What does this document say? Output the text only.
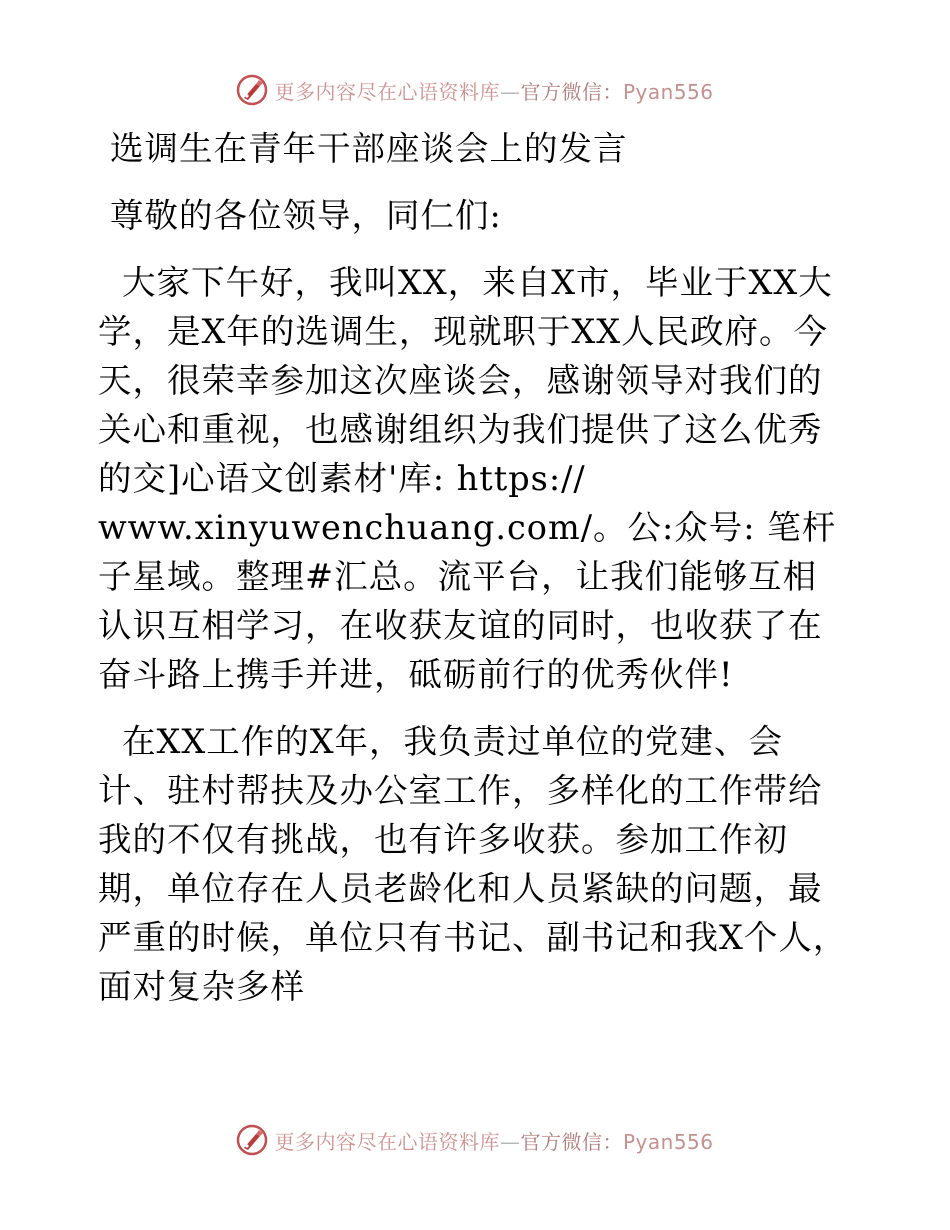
更多内容尽在心语资料库—官方微信：Pyan556

选调生在青年干部座谈会上的发言

尊敬的各位领导，同仁们:

大家下午好，我叫XX，来自X市，毕业于XX大学，是X年的选调生，现就职于XX人民政府。今天，很荣幸参加这次座谈会，感谢领导对我们的关心和重视，也感谢组织为我们提供了这么优秀的交]心语文创素材'库: https:// www.xinyuwenchuang.com/。公:众号: 笔杆子星域。整理#汇总。流平台，让我们能够互相认识互相学习，在收获友谊的同时，也收获了在奋斗路上携手并进，砥砺前行的优秀伙伴!

在XX工作的X年，我负责过单位的党建、会计、驻村帮扶及办公室工作，多样化的工作带给我的不仅有挑战，也有许多收获。参加工作初期，单位存在人员老龄化和人员紧缺的问题，最严重的时候，单位只有书记、副书记和我X个人，面对复杂多样

更多内容尽在心语资料库—官方微信：Pyan556
